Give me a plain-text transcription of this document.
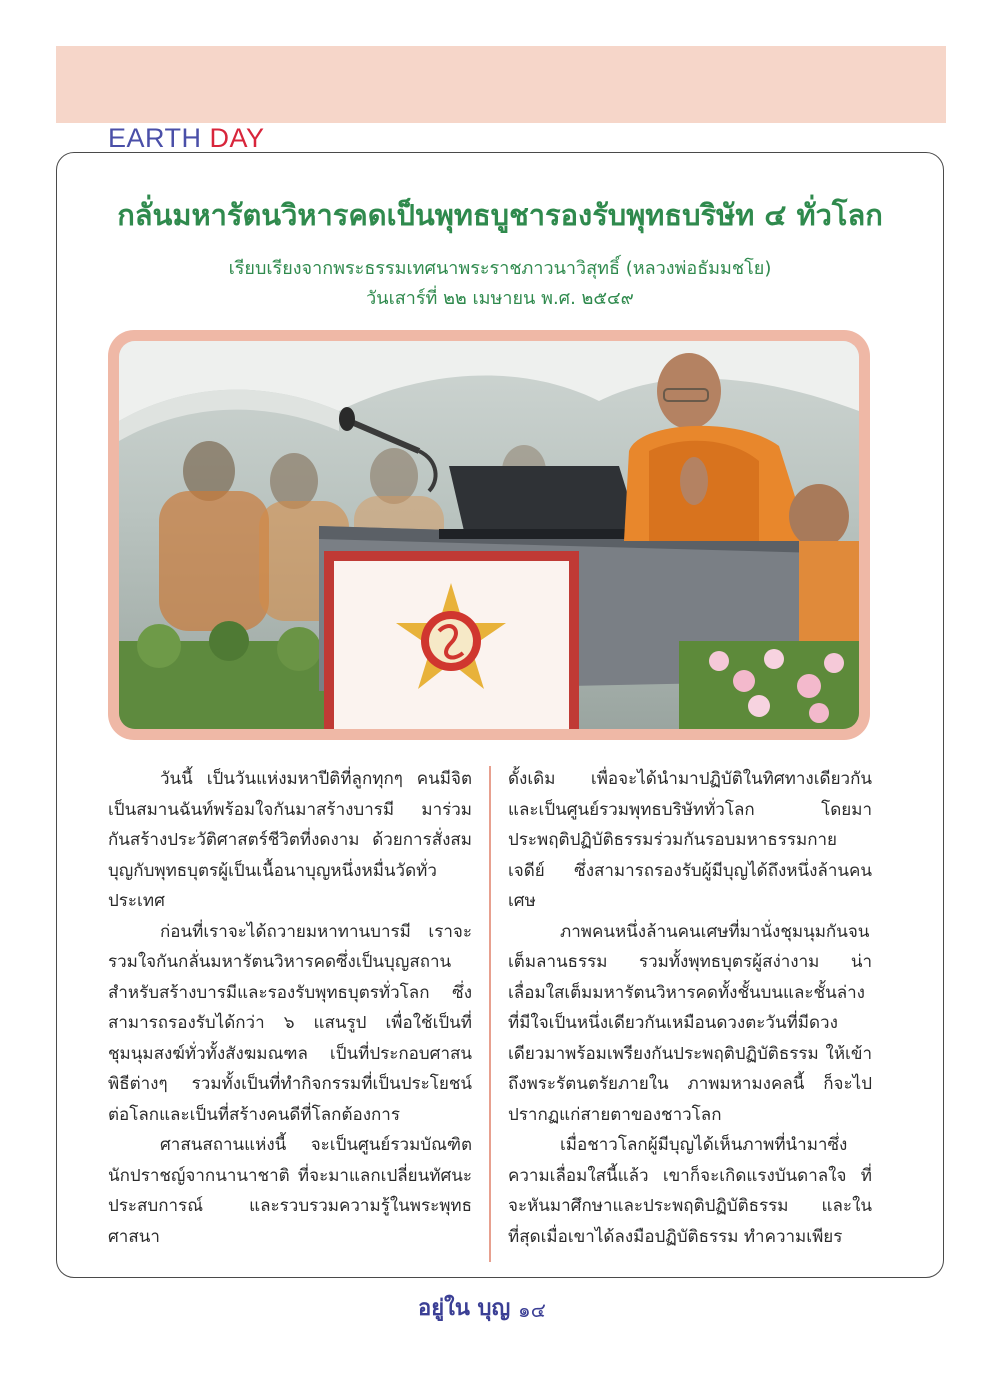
EARTH DAY
กลั่นมหารัตนวิหารคดเป็นพุทธบูชารองรับพุทธบริษัท ๔ ทั่วโลก
เรียบเรียงจากพระธรรมเทศนาพระราชภาวนาวิสุทธิ์ (หลวงพ่อธัมมชโย)
วันเสาร์ที่ ๒๒ เมษายน พ.ศ. ๒๕๔๙

วันนี้ เป็นวันแห่งมหาปีติที่ลูกทุกๆ คนมีจิตเป็นสมานฉันท์พร้อมใจกันมาสร้างบารมี มาร่วมกันสร้างประวัติศาสตร์ชีวิตที่งดงาม ด้วยการสั่งสมบุญกับพุทธบุตรผู้เป็นเนื้อนาบุญหนึ่งหมื่นวัดทั่วประเทศ

ก่อนที่เราจะได้ถวายมหาทานบารมี เราจะรวมใจกันกลั่นมหารัตนวิหารคดซึ่งเป็นบุญสถานสำหรับสร้างบารมีและรองรับพุทธบุตรทั่วโลก ซึ่งสามารถรองรับได้กว่า ๖ แสนรูป เพื่อใช้เป็นที่ชุมนุมสงฆ์ทั่วทั้งสังฆมณฑล เป็นที่ประกอบศาสนพิธีต่างๆ รวมทั้งเป็นที่ทำกิจกรรมที่เป็นประโยชน์ต่อโลกและเป็นที่สร้างคนดีที่โลกต้องการ

ศาสนสถานแห่งนี้ จะเป็นศูนย์รวมบัณฑิตนักปราชญ์จากนานาชาติ ที่จะมาแลกเปลี่ยนทัศนะประสบการณ์ และรวบรวมความรู้ในพระพุทธศาสนา

ดั้งเดิม เพื่อจะได้นำมาปฏิบัติในทิศทางเดียวกัน และเป็นศูนย์รวมพุทธบริษัททั่วโลก โดยมาประพฤติปฏิบัติธรรมร่วมกันรอบมหาธรรมกายเจดีย์ ซึ่งสามารถรองรับผู้มีบุญได้ถึงหนึ่งล้านคนเศษ

ภาพคนหนึ่งล้านคนเศษที่มานั่งชุมนุมกันจนเต็มลานธรรม รวมทั้งพุทธบุตรผู้สง่างาม น่าเลื่อมใสเต็มมหารัตนวิหารคดทั้งชั้นบนและชั้นล่างที่มีใจเป็นหนึ่งเดียวกันเหมือนดวงตะวันที่มีดวงเดียวมาพร้อมเพรียงกันประพฤติปฏิบัติธรรม ให้เข้าถึงพระรัตนตรัยภายใน ภาพมหามงคลนี้ ก็จะไปปรากฏแก่สายตาของชาวโลก

เมื่อชาวโลกผู้มีบุญได้เห็นภาพที่นำมาซึ่งความเลื่อมใสนี้แล้ว เขาก็จะเกิดแรงบันดาลใจ ที่จะหันมาศึกษาและประพฤติปฏิบัติธรรม และในที่สุดเมื่อเขาได้ลงมือปฏิบัติธรรม ทำความเพียร

อยู่ใน บุญ ๑๔
